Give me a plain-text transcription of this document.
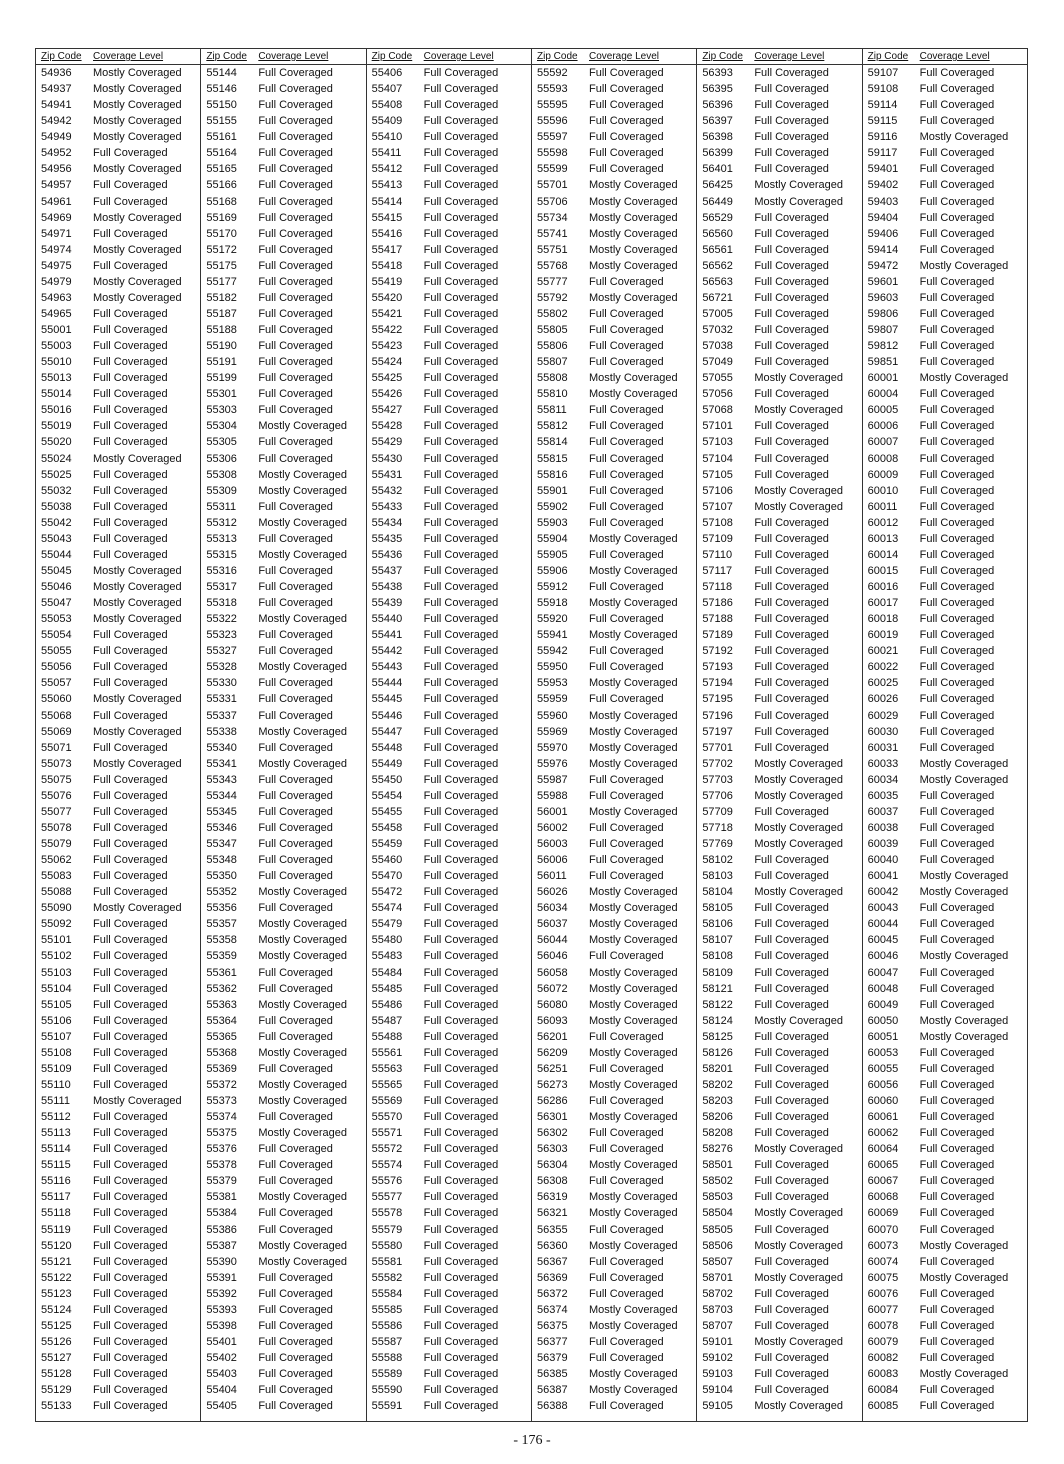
Zip Code	Coverage Level
54936	Mostly Coveraged
54937	Mostly Coveraged
54941	Mostly Coveraged
54942	Mostly Coveraged
54949	Mostly Coveraged
54952	Full Coveraged
54956	Mostly Coveraged
54957	Full Coveraged
54961	Full Coveraged
54969	Mostly Coveraged
54971	Full Coveraged
54974	Mostly Coveraged
54975	Full Coveraged
54979	Mostly Coveraged
54963	Mostly Coveraged
54965	Full Coveraged
55001	Full Coveraged
55003	Full Coveraged
55010	Full Coveraged
55013	Full Coveraged
55014	Full Coveraged
55016	Full Coveraged
55019	Full Coveraged
55020	Full Coveraged
55024	Mostly Coveraged
55025	Full Coveraged
55032	Full Coveraged
55038	Full Coveraged
55042	Full Coveraged
55043	Full Coveraged
55044	Full Coveraged
55045	Mostly Coveraged
55046	Mostly Coveraged
55047	Mostly Coveraged
55053	Mostly Coveraged
55054	Full Coveraged
55055	Full Coveraged
55056	Full Coveraged
55057	Full Coveraged
55060	Mostly Coveraged
55068	Full Coveraged
55069	Mostly Coveraged
55071	Full Coveraged
55073	Mostly Coveraged
55075	Full Coveraged
55076	Full Coveraged
55077	Full Coveraged
55078	Full Coveraged
55079	Full Coveraged
55062	Full Coveraged
55083	Full Coveraged
55088	Full Coveraged
55090	Mostly Coveraged
55092	Full Coveraged
55101	Full Coveraged
55102	Full Coveraged
55103	Full Coveraged
55104	Full Coveraged
55105	Full Coveraged
55106	Full Coveraged
55107	Full Coveraged
55108	Full Coveraged
55109	Full Coveraged
55110	Full Coveraged
55111	Mostly Coveraged
55112	Full Coveraged
55113	Full Coveraged
55114	Full Coveraged
55115	Full Coveraged
55116	Full Coveraged
55117	Full Coveraged
55118	Full Coveraged
55119	Full Coveraged
55120	Full Coveraged
55121	Full Coveraged
55122	Full Coveraged
55123	Full Coveraged
55124	Full Coveraged
55125	Full Coveraged
55126	Full Coveraged
55127	Full Coveraged
55128	Full Coveraged
55129	Full Coveraged
55133	Full Coveraged
Zip Code	Coverage Level
55144	Full Coveraged
55146	Full Coveraged
55150	Full Coveraged
55155	Full Coveraged
55161	Full Coveraged
55164	Full Coveraged
55165	Full Coveraged
55166	Full Coveraged
55168	Full Coveraged
55169	Full Coveraged
55170	Full Coveraged
55172	Full Coveraged
55175	Full Coveraged
55177	Full Coveraged
55182	Full Coveraged
55187	Full Coveraged
55188	Full Coveraged
55190	Full Coveraged
55191	Full Coveraged
55199	Full Coveraged
55301	Full Coveraged
55303	Full Coveraged
55304	Mostly Coveraged
55305	Full Coveraged
55306	Full Coveraged
55308	Mostly Coveraged
55309	Mostly Coveraged
55311	Full Coveraged
55312	Mostly Coveraged
55313	Full Coveraged
55315	Mostly Coveraged
55316	Full Coveraged
55317	Full Coveraged
55318	Full Coveraged
55322	Mostly Coveraged
55323	Full Coveraged
55327	Full Coveraged
55328	Mostly Coveraged
55330	Full Coveraged
55331	Full Coveraged
55337	Full Coveraged
55338	Mostly Coveraged
55340	Full Coveraged
55341	Mostly Coveraged
55343	Full Coveraged
55344	Full Coveraged
55345	Full Coveraged
55346	Full Coveraged
55347	Full Coveraged
55348	Full Coveraged
55350	Full Coveraged
55352	Mostly Coveraged
55356	Full Coveraged
55357	Mostly Coveraged
55358	Mostly Coveraged
55359	Mostly Coveraged
55361	Full Coveraged
55362	Full Coveraged
55363	Mostly Coveraged
55364	Full Coveraged
55365	Full Coveraged
55368	Mostly Coveraged
55369	Full Coveraged
55372	Mostly Coveraged
55373	Mostly Coveraged
55374	Full Coveraged
55375	Mostly Coveraged
55376	Full Coveraged
55378	Full Coveraged
55379	Full Coveraged
55381	Mostly Coveraged
55384	Full Coveraged
55386	Full Coveraged
55387	Mostly Coveraged
55390	Mostly Coveraged
55391	Full Coveraged
55392	Full Coveraged
55393	Full Coveraged
55398	Full Coveraged
55401	Full Coveraged
55402	Full Coveraged
55403	Full Coveraged
55404	Full Coveraged
55405	Full Coveraged
Zip Code	Coverage Level
55406	Full Coveraged
55407	Full Coveraged
55408	Full Coveraged
55409	Full Coveraged
55410	Full Coveraged
55411	Full Coveraged
55412	Full Coveraged
55413	Full Coveraged
55414	Full Coveraged
55415	Full Coveraged
55416	Full Coveraged
55417	Full Coveraged
55418	Full Coveraged
55419	Full Coveraged
55420	Full Coveraged
55421	Full Coveraged
55422	Full Coveraged
55423	Full Coveraged
55424	Full Coveraged
55425	Full Coveraged
55426	Full Coveraged
55427	Full Coveraged
55428	Full Coveraged
55429	Full Coveraged
55430	Full Coveraged
55431	Full Coveraged
55432	Full Coveraged
55433	Full Coveraged
55434	Full Coveraged
55435	Full Coveraged
55436	Full Coveraged
55437	Full Coveraged
55438	Full Coveraged
55439	Full Coveraged
55440	Full Coveraged
55441	Full Coveraged
55442	Full Coveraged
55443	Full Coveraged
55444	Full Coveraged
55445	Full Coveraged
55446	Full Coveraged
55447	Full Coveraged
55448	Full Coveraged
55449	Full Coveraged
55450	Full Coveraged
55454	Full Coveraged
55455	Full Coveraged
55458	Full Coveraged
55459	Full Coveraged
55460	Full Coveraged
55470	Full Coveraged
55472	Full Coveraged
55474	Full Coveraged
55479	Full Coveraged
55480	Full Coveraged
55483	Full Coveraged
55484	Full Coveraged
55485	Full Coveraged
55486	Full Coveraged
55487	Full Coveraged
55488	Full Coveraged
55561	Full Coveraged
55563	Full Coveraged
55565	Full Coveraged
55569	Full Coveraged
55570	Full Coveraged
55571	Full Coveraged
55572	Full Coveraged
55574	Full Coveraged
55576	Full Coveraged
55577	Full Coveraged
55578	Full Coveraged
55579	Full Coveraged
55580	Full Coveraged
55581	Full Coveraged
55582	Full Coveraged
55584	Full Coveraged
55585	Full Coveraged
55586	Full Coveraged
55587	Full Coveraged
55588	Full Coveraged
55589	Full Coveraged
55590	Full Coveraged
55591	Full Coveraged
Zip Code	Coverage Level
55592	Full Coveraged
55593	Full Coveraged
55595	Full Coveraged
55596	Full Coveraged
55597	Full Coveraged
55598	Full Coveraged
55599	Full Coveraged
55701	Mostly Coveraged
55706	Mostly Coveraged
55734	Mostly Coveraged
55741	Mostly Coveraged
55751	Mostly Coveraged
55768	Mostly Coveraged
55777	Full Coveraged
55792	Mostly Coveraged
55802	Full Coveraged
55805	Full Coveraged
55806	Full Coveraged
55807	Full Coveraged
55808	Mostly Coveraged
55810	Mostly Coveraged
55811	Full Coveraged
55812	Full Coveraged
55814	Full Coveraged
55815	Full Coveraged
55816	Full Coveraged
55901	Full Coveraged
55902	Full Coveraged
55903	Full Coveraged
55904	Mostly Coveraged
55905	Full Coveraged
55906	Mostly Coveraged
55912	Full Coveraged
55918	Mostly Coveraged
55920	Full Coveraged
55941	Mostly Coveraged
55942	Full Coveraged
55950	Full Coveraged
55953	Mostly Coveraged
55959	Full Coveraged
55960	Mostly Coveraged
55969	Mostly Coveraged
55970	Mostly Coveraged
55976	Mostly Coveraged
55987	Full Coveraged
55988	Full Coveraged
56001	Mostly Coveraged
56002	Full Coveraged
56003	Full Coveraged
56006	Full Coveraged
56011	Full Coveraged
56026	Mostly Coveraged
56034	Mostly Coveraged
56037	Mostly Coveraged
56044	Mostly Coveraged
56046	Full Coveraged
56058	Mostly Coveraged
56072	Mostly Coveraged
56080	Mostly Coveraged
56093	Mostly Coveraged
56201	Full Coveraged
56209	Mostly Coveraged
56251	Full Coveraged
56273	Mostly Coveraged
56286	Full Coveraged
56301	Mostly Coveraged
56302	Full Coveraged
56303	Full Coveraged
56304	Mostly Coveraged
56308	Full Coveraged
56319	Mostly Coveraged
56321	Mostly Coveraged
56355	Full Coveraged
56360	Mostly Coveraged
56367	Full Coveraged
56369	Full Coveraged
56372	Full Coveraged
56374	Mostly Coveraged
56375	Mostly Coveraged
56377	Full Coveraged
56379	Full Coveraged
56385	Mostly Coveraged
56387	Mostly Coveraged
56388	Full Coveraged
Zip Code	Coverage Level
56393	Full Coveraged
56395	Full Coveraged
56396	Full Coveraged
56397	Full Coveraged
56398	Full Coveraged
56399	Full Coveraged
56401	Full Coveraged
56425	Mostly Coveraged
56449	Mostly Coveraged
56529	Full Coveraged
56560	Full Coveraged
56561	Full Coveraged
56562	Full Coveraged
56563	Full Coveraged
56721	Full Coveraged
57005	Full Coveraged
57032	Full Coveraged
57038	Full Coveraged
57049	Full Coveraged
57055	Mostly Coveraged
57056	Full Coveraged
57068	Mostly Coveraged
57101	Full Coveraged
57103	Full Coveraged
57104	Full Coveraged
57105	Full Coveraged
57106	Mostly Coveraged
57107	Mostly Coveraged
57108	Full Coveraged
57109	Full Coveraged
57110	Full Coveraged
57117	Full Coveraged
57118	Full Coveraged
57186	Full Coveraged
57188	Full Coveraged
57189	Full Coveraged
57192	Full Coveraged
57193	Full Coveraged
57194	Full Coveraged
57195	Full Coveraged
57196	Full Coveraged
57197	Full Coveraged
57701	Full Coveraged
57702	Mostly Coveraged
57703	Mostly Coveraged
57706	Mostly Coveraged
57709	Full Coveraged
57718	Mostly Coveraged
57769	Mostly Coveraged
58102	Full Coveraged
58103	Full Coveraged
58104	Mostly Coveraged
58105	Full Coveraged
58106	Full Coveraged
58107	Full Coveraged
58108	Full Coveraged
58109	Full Coveraged
58121	Full Coveraged
58122	Full Coveraged
58124	Mostly Coveraged
58125	Full Coveraged
58126	Full Coveraged
58201	Full Coveraged
58202	Full Coveraged
58203	Full Coveraged
58206	Full Coveraged
58208	Full Coveraged
58276	Mostly Coveraged
58501	Full Coveraged
58502	Full Coveraged
58503	Full Coveraged
58504	Mostly Coveraged
58505	Full Coveraged
58506	Mostly Coveraged
58507	Full Coveraged
58701	Mostly Coveraged
58702	Full Coveraged
58703	Full Coveraged
58707	Full Coveraged
59101	Mostly Coveraged
59102	Full Coveraged
59103	Full Coveraged
59104	Full Coveraged
59105	Mostly Coveraged
Zip Code	Coverage Level
59107	Full Coveraged
59108	Full Coveraged
59114	Full Coveraged
59115	Full Coveraged
59116	Mostly Coveraged
59117	Full Coveraged
59401	Full Coveraged
59402	Full Coveraged
59403	Full Coveraged
59404	Full Coveraged
59406	Full Coveraged
59414	Full Coveraged
59472	Mostly Coveraged
59601	Full Coveraged
59603	Full Coveraged
59806	Full Coveraged
59807	Full Coveraged
59812	Full Coveraged
59851	Full Coveraged
60001	Mostly Coveraged
60004	Full Coveraged
60005	Full Coveraged
60006	Full Coveraged
60007	Full Coveraged
60008	Full Coveraged
60009	Full Coveraged
60010	Full Coveraged
60011	Full Coveraged
60012	Full Coveraged
60013	Full Coveraged
60014	Full Coveraged
60015	Full Coveraged
60016	Full Coveraged
60017	Full Coveraged
60018	Full Coveraged
60019	Full Coveraged
60021	Full Coveraged
60022	Full Coveraged
60025	Full Coveraged
60026	Full Coveraged
60029	Full Coveraged
60030	Full Coveraged
60031	Full Coveraged
60033	Mostly Coveraged
60034	Mostly Coveraged
60035	Full Coveraged
60037	Full Coveraged
60038	Full Coveraged
60039	Full Coveraged
60040	Full Coveraged
60041	Mostly Coveraged
60042	Mostly Coveraged
60043	Full Coveraged
60044	Full Coveraged
60045	Full Coveraged
60046	Mostly Coveraged
60047	Full Coveraged
60048	Full Coveraged
60049	Full Coveraged
60050	Mostly Coveraged
60051	Mostly Coveraged
60053	Full Coveraged
60055	Full Coveraged
60056	Full Coveraged
60060	Full Coveraged
60061	Full Coveraged
60062	Full Coveraged
60064	Full Coveraged
60065	Full Coveraged
60067	Full Coveraged
60068	Full Coveraged
60069	Full Coveraged
60070	Full Coveraged
60073	Mostly Coveraged
60074	Full Coveraged
60075	Mostly Coveraged
60076	Full Coveraged
60077	Full Coveraged
60078	Full Coveraged
60079	Full Coveraged
60082	Full Coveraged
60083	Mostly Coveraged
60084	Full Coveraged
60085	Full Coveraged
- 176 -
